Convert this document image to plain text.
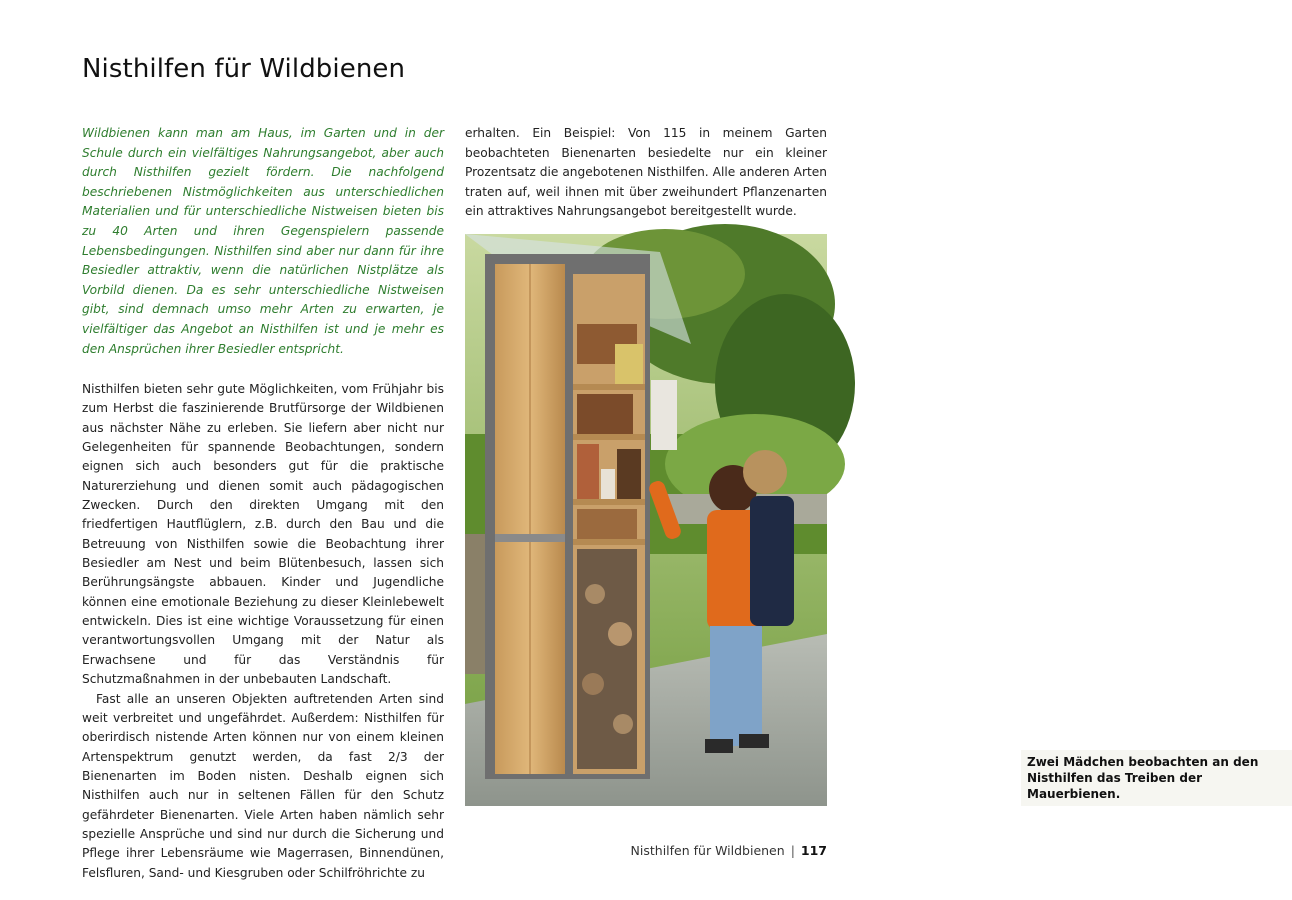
Nisthilfen für Wildbienen

Wildbienen kann man am Haus, im Garten und in der Schule durch ein vielfältiges Nahrungsangebot, aber auch durch Nisthilfen gezielt fördern. Die nachfolgend beschriebenen Nistmöglichkeiten aus unterschiedlichen Materialien und für unterschiedliche Nistweisen bieten bis zu 40 Arten und ihren Gegenspielern passende Lebensbedingungen. Nisthilfen sind aber nur dann für ihre Besiedler attraktiv, wenn die natürlichen Nistplätze als Vorbild dienen. Da es sehr unterschiedliche Nistweisen gibt, sind demnach umso mehr Arten zu erwarten, je vielfältiger das Angebot an Nisthilfen ist und je mehr es den Ansprüchen ihrer Besiedler entspricht.

Nisthilfen bieten sehr gute Möglichkeiten, vom Frühjahr bis zum Herbst die faszinierende Brutfürsorge der Wildbienen aus nächster Nähe zu erleben. Sie liefern aber nicht nur Gelegenheiten für spannende Beobachtungen, sondern eignen sich auch besonders gut für die praktische Naturerziehung und dienen somit auch pädagogischen Zwecken. Durch den direkten Umgang mit den friedfertigen Hautflüglern, z.B. durch den Bau und die Betreuung von Nisthilfen sowie die Beobachtung ihrer Besiedler am Nest und beim Blütenbesuch, lassen sich Berührungsängste abbauen. Kinder und Jugendliche können eine emotionale Beziehung zu dieser Kleinlebewelt entwickeln. Dies ist eine wichtige Voraussetzung für einen verantwortungsvollen Umgang mit der Natur als Erwachsene und für das Verständnis für Schutzmaßnahmen in der unbebauten Landschaft.

Fast alle an unseren Objekten auftretenden Arten sind weit verbreitet und ungefährdet. Außerdem: Nisthilfen für oberirdisch nistende Arten können nur von einem kleinen Artenspektrum genutzt werden, da fast 2/3 der Bienenarten im Boden nisten. Deshalb eignen sich Nisthilfen auch nur in seltenen Fällen für den Schutz gefährdeter Bienenarten. Viele Arten haben nämlich sehr spezielle Ansprüche und sind nur durch die Sicherung und Pflege ihrer Lebensräume wie Magerrasen, Binnendünen, Felsfluren, Sand- und Kiesgruben oder Schilfröhrichte zu

erhalten. Ein Beispiel: Von 115 in meinem Garten beobachteten Bienenarten besiedelte nur ein kleiner Prozentsatz die angebotenen Nisthilfen. Alle anderen Arten traten auf, weil ihnen mit über zweihundert Pflanzenarten ein attraktives Nahrungsangebot bereitgestellt wurde.

Zwei Mädchen beobachten an den Nisthilfen das Treiben der Mauerbienen.
Nisthilfen für Wildbienen | 117
